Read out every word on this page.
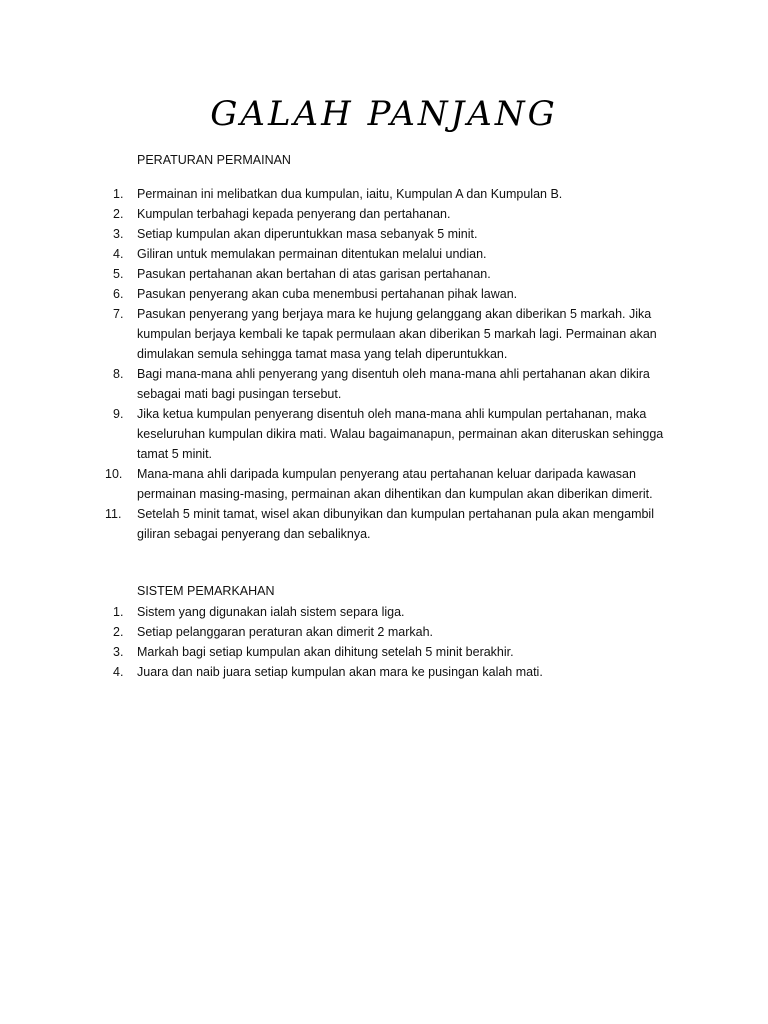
GALAH PANJANG
PERATURAN PERMAINAN
1.	Permainan ini melibatkan dua kumpulan, iaitu, Kumpulan A dan Kumpulan B.
2.	Kumpulan terbahagi kepada penyerang dan pertahanan.
3.	Setiap kumpulan akan diperuntukkan masa sebanyak 5 minit.
4.	Giliran untuk memulakan permainan ditentukan melalui undian.
5.	Pasukan pertahanan akan bertahan di atas garisan pertahanan.
6.	Pasukan penyerang akan cuba menembusi pertahanan pihak lawan.
7.	Pasukan penyerang yang berjaya mara ke hujung gelanggang akan diberikan 5 markah. Jika kumpulan berjaya kembali ke tapak permulaan akan diberikan 5 markah lagi. Permainan akan dimulakan semula sehingga tamat masa yang telah diperuntukkan.
8.	Bagi mana-mana ahli penyerang yang disentuh oleh mana-mana ahli pertahanan akan dikira sebagai mati bagi pusingan tersebut.
9.	Jika ketua kumpulan penyerang disentuh oleh mana-mana ahli kumpulan pertahanan, maka keseluruhan kumpulan dikira mati. Walau bagaimanapun, permainan akan diteruskan sehingga tamat 5 minit.
10.	Mana-mana ahli daripada kumpulan penyerang atau pertahanan keluar daripada kawasan permainan masing-masing, permainan akan dihentikan dan kumpulan akan diberikan dimerit.
11.	Setelah 5 minit tamat, wisel akan dibunyikan dan kumpulan pertahanan pula akan mengambil giliran sebagai penyerang dan sebaliknya.
SISTEM PEMARKAHAN
1.	Sistem yang digunakan ialah sistem separa liga.
2.	Setiap pelanggaran peraturan akan dimerit 2 markah.
3.	Markah bagi setiap kumpulan akan dihitung setelah 5 minit berakhir.
4.	Juara dan naib juara setiap kumpulan akan mara ke pusingan kalah mati.
